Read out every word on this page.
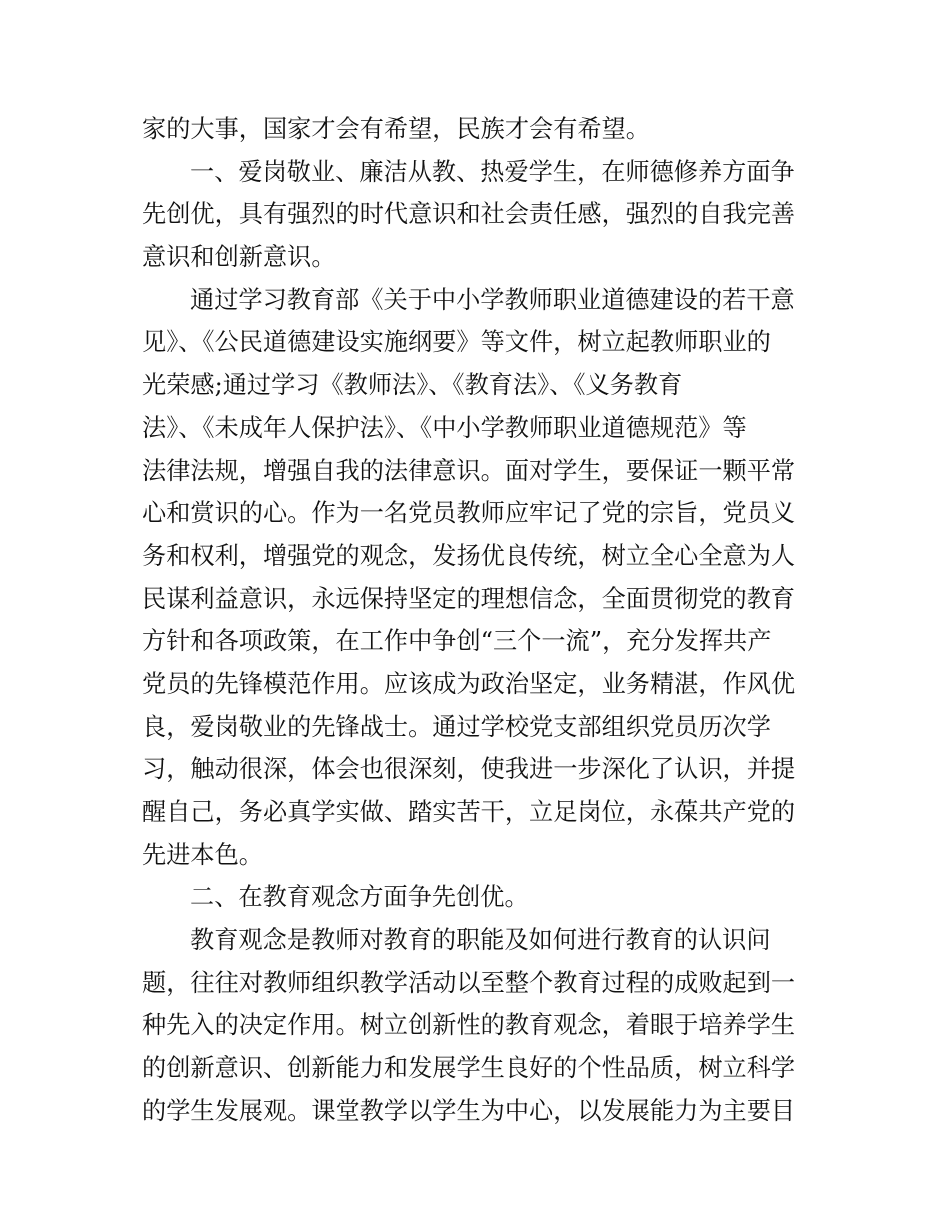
家的大事，国家才会有希望，民族才会有希望。
一、爱岗敬业、廉洁从教、热爱学生，在师德修养方面争
先创优，具有强烈的时代意识和社会责任感，强烈的自我完善
意识和创新意识。
通过学习教育部《关于中小学教师职业道德建设的若干意
见》、《公民道德建设实施纲要》等文件，树立起教师职业的
光荣感;通过学习《教师法》、《教育法》、《义务教育
法》、《未成年人保护法》、《中小学教师职业道德规范》等
法律法规，增强自我的法律意识。面对学生，要保证一颗平常
心和赏识的心。作为一名党员教师应牢记了党的宗旨，党员义
务和权利，增强党的观念，发扬优良传统，树立全心全意为人
民谋利益意识，永远保持坚定的理想信念，全面贯彻党的教育
方针和各项政策，在工作中争创“三个一流”，充分发挥共产
党员的先锋模范作用。应该成为政治坚定，业务精湛，作风优
良，爱岗敬业的先锋战士。通过学校党支部组织党员历次学
习，触动很深，体会也很深刻，使我进一步深化了认识，并提
醒自己，务必真学实做、踏实苦干，立足岗位，永葆共产党的
先进本色。
二、在教育观念方面争先创优。
教育观念是教师对教育的职能及如何进行教育的认识问
题，往往对教师组织教学活动以至整个教育过程的成败起到一
种先入的决定作用。树立创新性的教育观念，着眼于培养学生
的创新意识、创新能力和发展学生良好的个性品质，树立科学
的学生发展观。课堂教学以学生为中心，以发展能力为主要目
